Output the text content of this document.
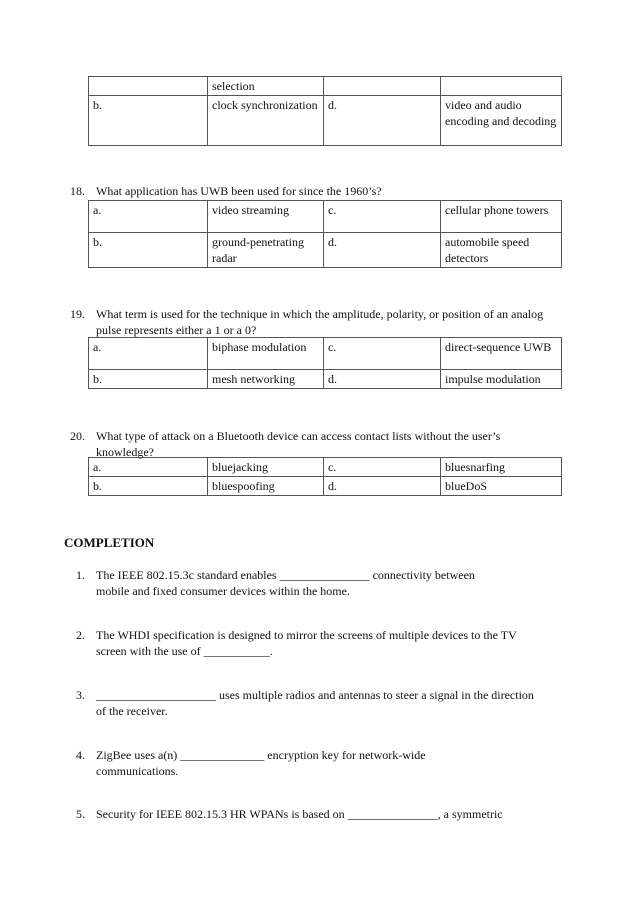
	selection		
b.	clock synchronization	d.	video and audio encoding and decoding
18. What application has UWB been used for since the 1960’s?
a.	video streaming	c.	cellular phone towers
b.	ground-penetrating radar	d.	automobile speed detectors
19. What term is used for the technique in which the amplitude, polarity, or position of an analog pulse represents either a 1 or a 0?
a.	biphase modulation	c.	direct-sequence UWB
b.	mesh networking	d.	impulse modulation
20. What type of attack on a Bluetooth device can access contact lists without the user’s knowledge?
a.	bluejacking	c.	bluesnarfing
b.	bluespoofing	d.	blueDoS
COMPLETION
1. The IEEE 802.15.3c standard enables _______________ connectivity between mobile and fixed consumer devices within the home.
2. The WHDI specification is designed to mirror the screens of multiple devices to the TV screen with the use of ___________.
3. ____________________ uses multiple radios and antennas to steer a signal in the direction of the receiver.
4. ZigBee uses a(n) ______________ encryption key for network-wide communications.
5. Security for IEEE 802.15.3 HR WPANs is based on _______________, a symmetric
